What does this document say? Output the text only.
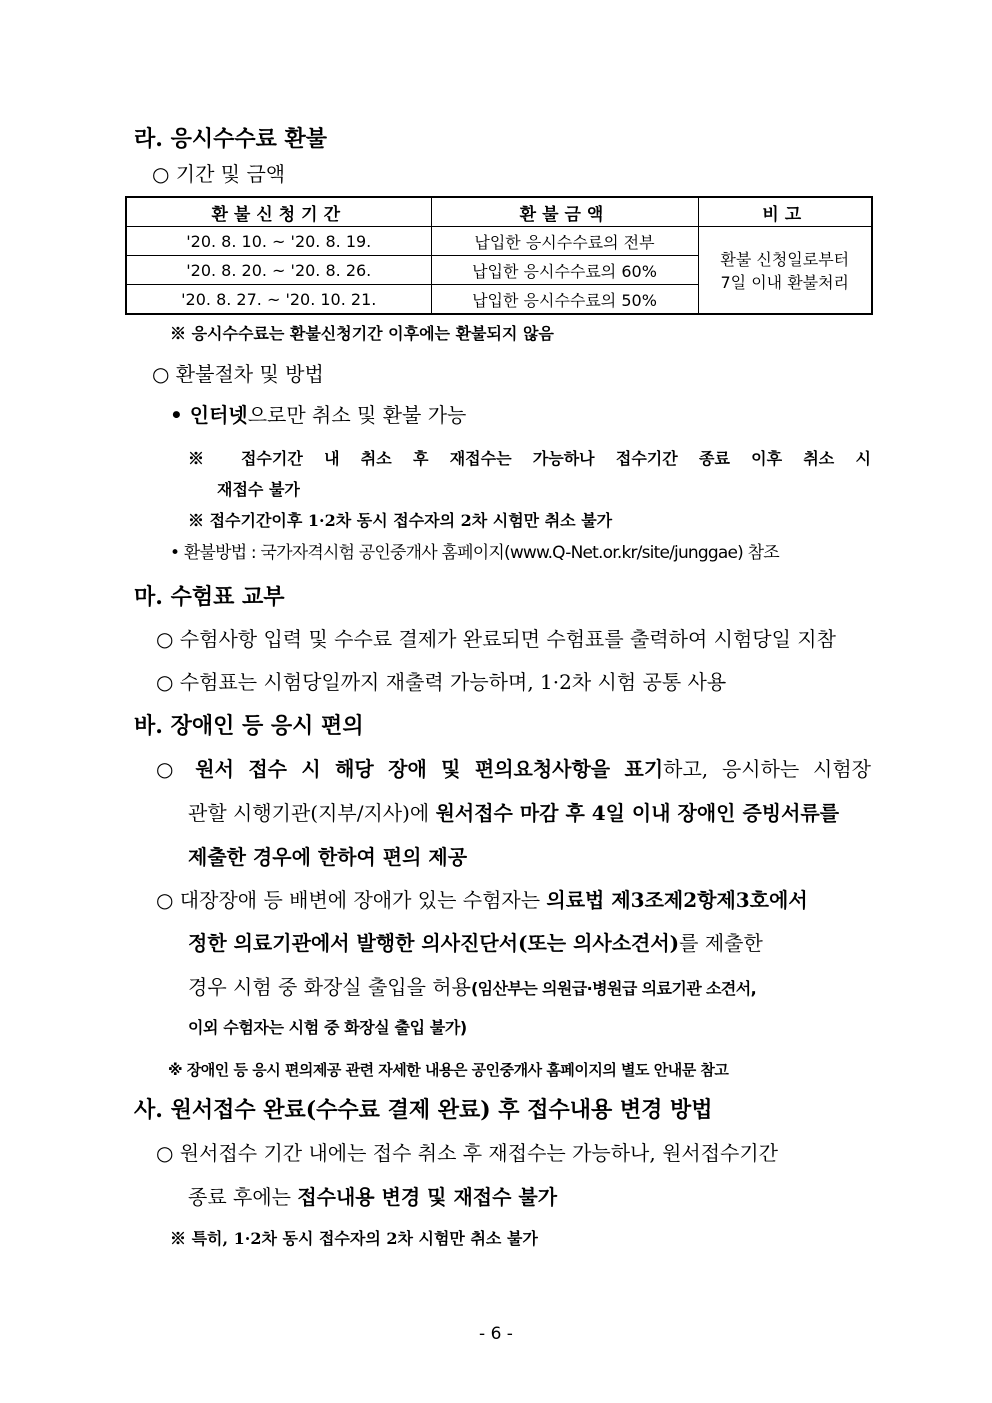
라. 응시수수료 환불
○ 기간 및 금액
환불신청기간	환불금액	비고
'20. 8. 10. ~ '20. 8. 19.	납입한 응시수수료의 전부	환불 신청일로부터
7일 이내 환불처리

'20. 8. 20. ~ '20. 8. 26.	납입한 응시수수료의 60%	
'20. 8. 27. ~ '20. 10. 21.	납입한 응시수수료의 50%	
※ 응시수수료는 환불신청기간 이후에는 환불되지 않음
○ 환불절차 및 방법
• 인터넷으로만 취소 및 환불 가능
※ 접수기간 내 취소 후 재접수는 가능하나 접수기간 종료 이후 취소 시
재접수 불가
※ 접수기간이후 1·2차 동시 접수자의 2차 시험만 취소 불가
• 환불방법 : 국가자격시험 공인중개사 홈페이지(www.Q-Net.or.kr/site/junggae) 참조
마. 수험표 교부
○ 수험사항 입력 및 수수료 결제가 완료되면 수험표를 출력하여 시험당일 지참
○ 수험표는 시험당일까지 재출력 가능하며, 1·2차 시험 공통 사용
바. 장애인 등 응시 편의
○ 원서 접수 시 해당 장애 및 편의요청사항을 표기하고, 응시하는 시험장
관할 시행기관(지부/지사)에 원서접수 마감 후 4일 이내 장애인 증빙서류를
제출한 경우에 한하여 편의 제공
○ 대장장애 등 배변에 장애가 있는 수험자는 의료법 제3조제2항제3호에서
정한 의료기관에서 발행한 의사진단서(또는 의사소견서)를 제출한
경우 시험 중 화장실 출입을 허용(임산부는 의원급·병원급 의료기관 소견서,
이외 수험자는 시험 중 화장실 출입 불가)
※ 장애인 등 응시 편의제공 관련 자세한 내용은 공인중개사 홈페이지의 별도 안내문 참고
사. 원서접수 완료(수수료 결제 완료) 후 접수내용 변경 방법
○ 원서접수 기간 내에는 접수 취소 후 재접수는 가능하나, 원서접수기간
종료 후에는 접수내용 변경 및 재접수 불가
※ 특히, 1·2차 동시 접수자의 2차 시험만 취소 불가
- 6 -
